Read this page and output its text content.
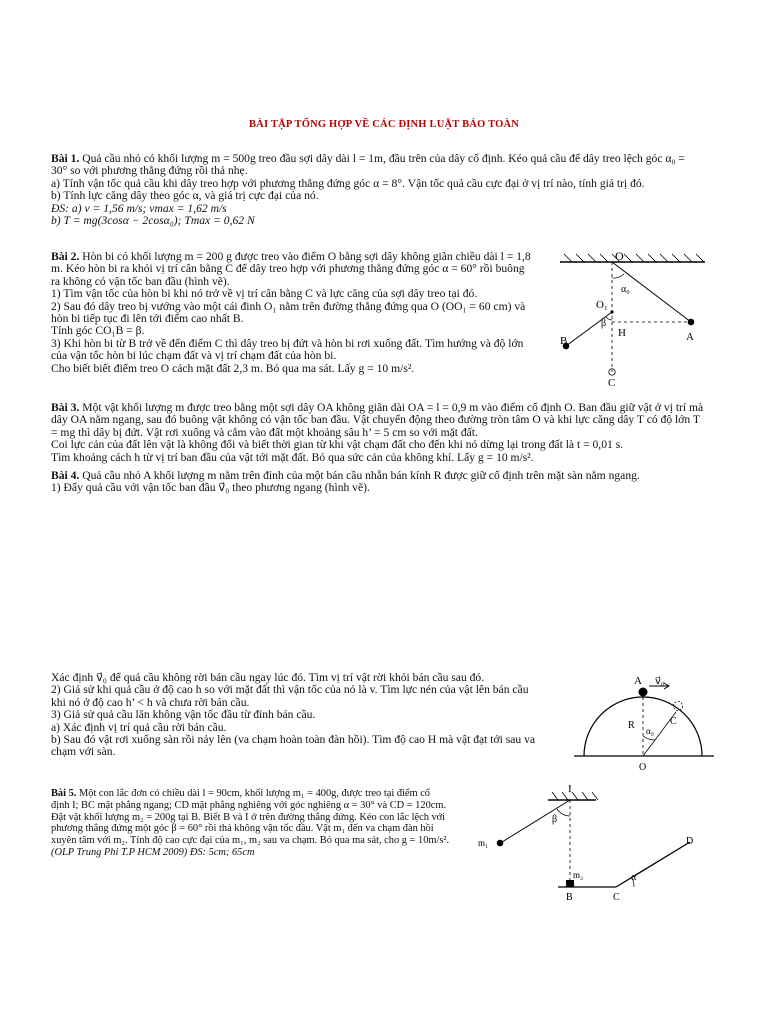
BÀI TẬP TỔNG HỢP VỀ CÁC ĐỊNH LUẬT BẢO TOÀN
Bài 1. Quả cầu nhỏ có khối lượng m = 500g treo đầu sợi dây dài l = 1m, đầu trên của dây cố định. Kéo quả cầu để dây treo lệch góc α₀ =
30° so với phương thẳng đứng rồi thả nhẹ.
a) Tính vận tốc quả cầu khi dây treo hợp với phương thẳng đứng góc α = 8°. Vận tốc quả cầu cực đại ở vị trí nào, tính giá trị đó.
b) Tính lực căng dây theo góc α, và giá trị cực đại của nó.
ĐS: a) v = 1,56 m/s; vmax = 1,62 m/s
b) T = mg(3cosα − 2cosα₀); Tmax = 0,62 N
Bài 2. Hòn bi có khối lượng m = 200 g được treo vào điểm O bằng sợi dây không giãn chiều dài l = 1,8
m. Kéo hòn bi ra khỏi vị trí cân bằng C để dây treo hợp với phương thẳng đứng góc α = 60° rồi buông
ra không có vận tốc ban đầu (hình vẽ).
1) Tìm vận tốc của hòn bi khi nó trở về vị trí cân bằng C và lực căng của sợi dây treo tại đó.
2) Sau đó dây treo bị vướng vào một cái đinh O₁ nằm trên đường thẳng đứng qua O (OO₁ = 60 cm) và
hòn bi tiếp tục đi lên tới điểm cao nhất B.
Tính góc CO₁B = β.
3) Khi hòn bi từ B trở về đến điểm C thì dây treo bị đứt và hòn bi rơi xuống đất. Tìm hướng và độ lớn
của vận tốc hòn bi lúc chạm đất và vị trí chạm đất của hòn bi.
Cho biết biết điểm treo O cách mặt đất 2,3 m. Bỏ qua ma sát. Lấy g = 10 m/s².
O
O₁
α₀
β
H	A
B
C
Bài 3. Một vật khối lượng m được treo bằng một sợi dây OA không giãn dài OA = l = 0,9 m vào điểm cố định O. Ban đầu giữ vật ở vị trí mà
dây OA nằm ngang, sau đó buông vật không có vận tốc ban đầu. Vật chuyển động theo đường tròn tâm O và khi lực căng dây T có độ lớn T
= mg thì dây bị đứt. Vật rơi xuống và cắm vào đất một khoảng sâu h’ = 5 cm so với mặt đất.
Coi lực cản của đất lên vật là không đổi và biết thời gian từ khi vật chạm đất cho đến khi nó dừng lại trong đất là t = 0,01 s.
Tìm khoảng cách h từ vị trí ban đầu của vật tới mặt đất. Bỏ qua sức cản của không khí. Lấy g = 10 m/s².
Bài 4. Quả cầu nhỏ A khối lượng m nằm trên đỉnh của một bán cầu nhẵn bán kính R được giữ cố định trên mặt sàn nằm ngang.
1) Đẩy quả cầu với vận tốc ban đầu v⃗₀ theo phương ngang (hình vẽ).
Xác định v⃗₀ để quả cầu không rời bán cầu ngay lúc đó. Tìm vị trí vật rời khỏi bán cầu sau đó.
2) Giả sử khi quả cầu ở độ cao h so với mặt đất thì vận tốc của nó là v. Tìm lực nén của vật lên bán cầu
khi nó ở độ cao h’ < h và chưa rời bán cầu.
3) Giả sử quả cầu lăn không vận tốc đầu từ đỉnh bán cầu.
a) Xác định vị trí quả cầu rời bán cầu.
b) Sau đó vật rơi xuống sàn rồi nảy lên (va chạm hoàn toàn đàn hồi). Tìm độ cao H mà vật đạt tới sau va
chạm với sàn.
A v⃗₀
C
R α₀
O
Bài 5. Một con lắc đơn có chiều dài l = 90cm, khối lượng m₁ = 400g, được treo tại điểm cố
định I; BC mặt phẳng ngang; CD mặt phẳng nghiêng với góc nghiêng α = 30° và CD = 120cm.
Đặt vật khối lượng m₂ = 200g tại B. Biết B và I ở trên đường thẳng đứng. Kéo con lắc lệch với
phương thẳng đứng một góc β = 60° rồi thả không vận tốc đầu. Vật m₁ đến va chạm đàn hồi
xuyên tâm với m₂. Tính độ cao cực đại của m₁, m₂ sau va chạm. Bỏ qua ma sát, cho g = 10m/s².
(OLP Trung Phi T.P HCM 2009) ĐS: 5cm; 65cm
I
β
m₁
m₂	α
B	C
D
